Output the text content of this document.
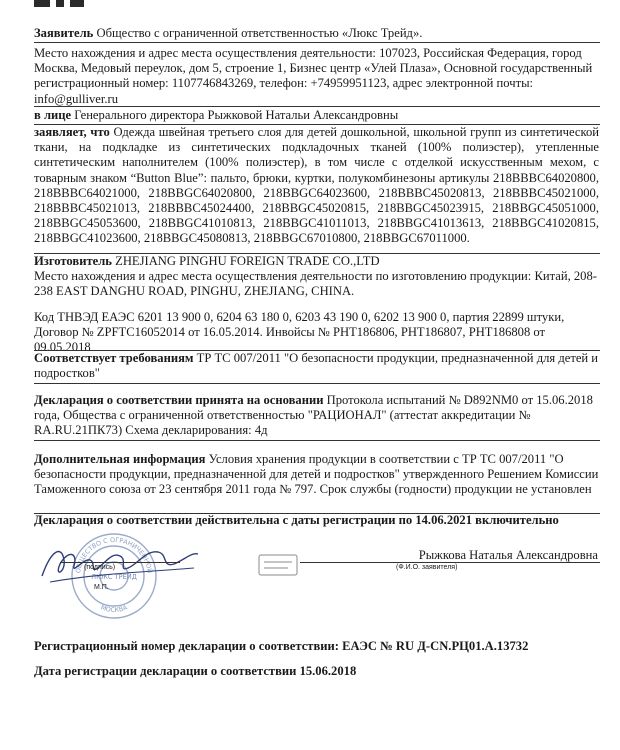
Заявитель Общество с ограниченной ответственностью «Люкс Трейд».
Место нахождения и адрес места осуществления деятельности: 107023, Российская Федерация, город Москва, Медовый переулок, дом 5, строение 1, Бизнес центр «Улей Плаза», Основной государственный регистрационный номер: 1107746843269, телефон: +74959951123, адрес электронной почты: info@gulliver.ru
в лице Генерального директора Рыжковой Натальи Александровны
заявляет, что Одежда швейная третьего слоя для детей дошкольной, школьной групп из синтетической ткани, на подкладке из синтетических подкладочных тканей (100% полиэстер), утепленные синтетическим наполнителем (100% полиэстер), в том числе с отделкой искусственным мехом, с товарным знаком “Button Blue”: пальто, брюки, куртки, полукомбинезоны артикулы 218BBBC64020800, 218BBBC64021000, 218BBGC64020800, 218BBGC64023600, 218BBBC45020813, 218BBBC45021000, 218BBBC45021013, 218BBBC45024400, 218BBGC45020815, 218BBGC45023915, 218BBGC45051000, 218BBGC45053600, 218BBGC41010813, 218BBGC41011013, 218BBGC41013613, 218BBGC41020815, 218BBGC41023600, 218BBGC45080813, 218BBGC67010800, 218BBGC67011000.
Изготовитель ZHEJIANG PINGHU FOREIGN TRADE CO.,LTD
Место нахождения и адрес места осуществления деятельности по изготовлению продукции: Китай, 208-238 EAST DANGHU ROAD, PINGHU, ZHEJIANG, CHINA.
Код ТНВЭД ЕАЭС 6201 13 900 0, 6204 63 180 0, 6203 43 190 0, 6202 13 900 0, партия 22899 штуки, Договор № ZPFTC16052014 от 16.05.2014. Инвойсы № PHT186806, PHT186807, PHT186808 от 09.05.2018
Соответствует требованиям ТР ТС 007/2011 "О безопасности продукции, предназначенной для детей и подростков"
Декларация о соответствии принята на основании Протокола испытаний № D892NM0 от 15.06.2018 года, Общества с ограниченной ответственностью "РАЦИОНАЛ" (аттестат аккредитации № RA.RU.21ПК73) Схема декларирования: 4д
Дополнительная информация Условия хранения продукции в соответствии с ТР ТС 007/2011 "О безопасности продукции, предназначенной для детей и подростков" утвержденного Решением Комиссии Таможенного союза от 23 сентября 2011 года № 797. Срок службы (годности) продукции не установлен
Декларация о соответствии действительна с даты регистрации по 14.06.2021 включительно
ОБЩЕСТВО С ОГРАНИЧЕННОЙ
МОСКВА
ЛЮКС ТРЕЙД
Рыжкова Наталья Александровна
(подпись)	(Ф.И.О. заявителя)
М.П.
Регистрационный номер декларации о соответствии: ЕАЭС № RU Д-CN.РЦ01.А.13732
Дата регистрации декларации о соответствии 15.06.2018
